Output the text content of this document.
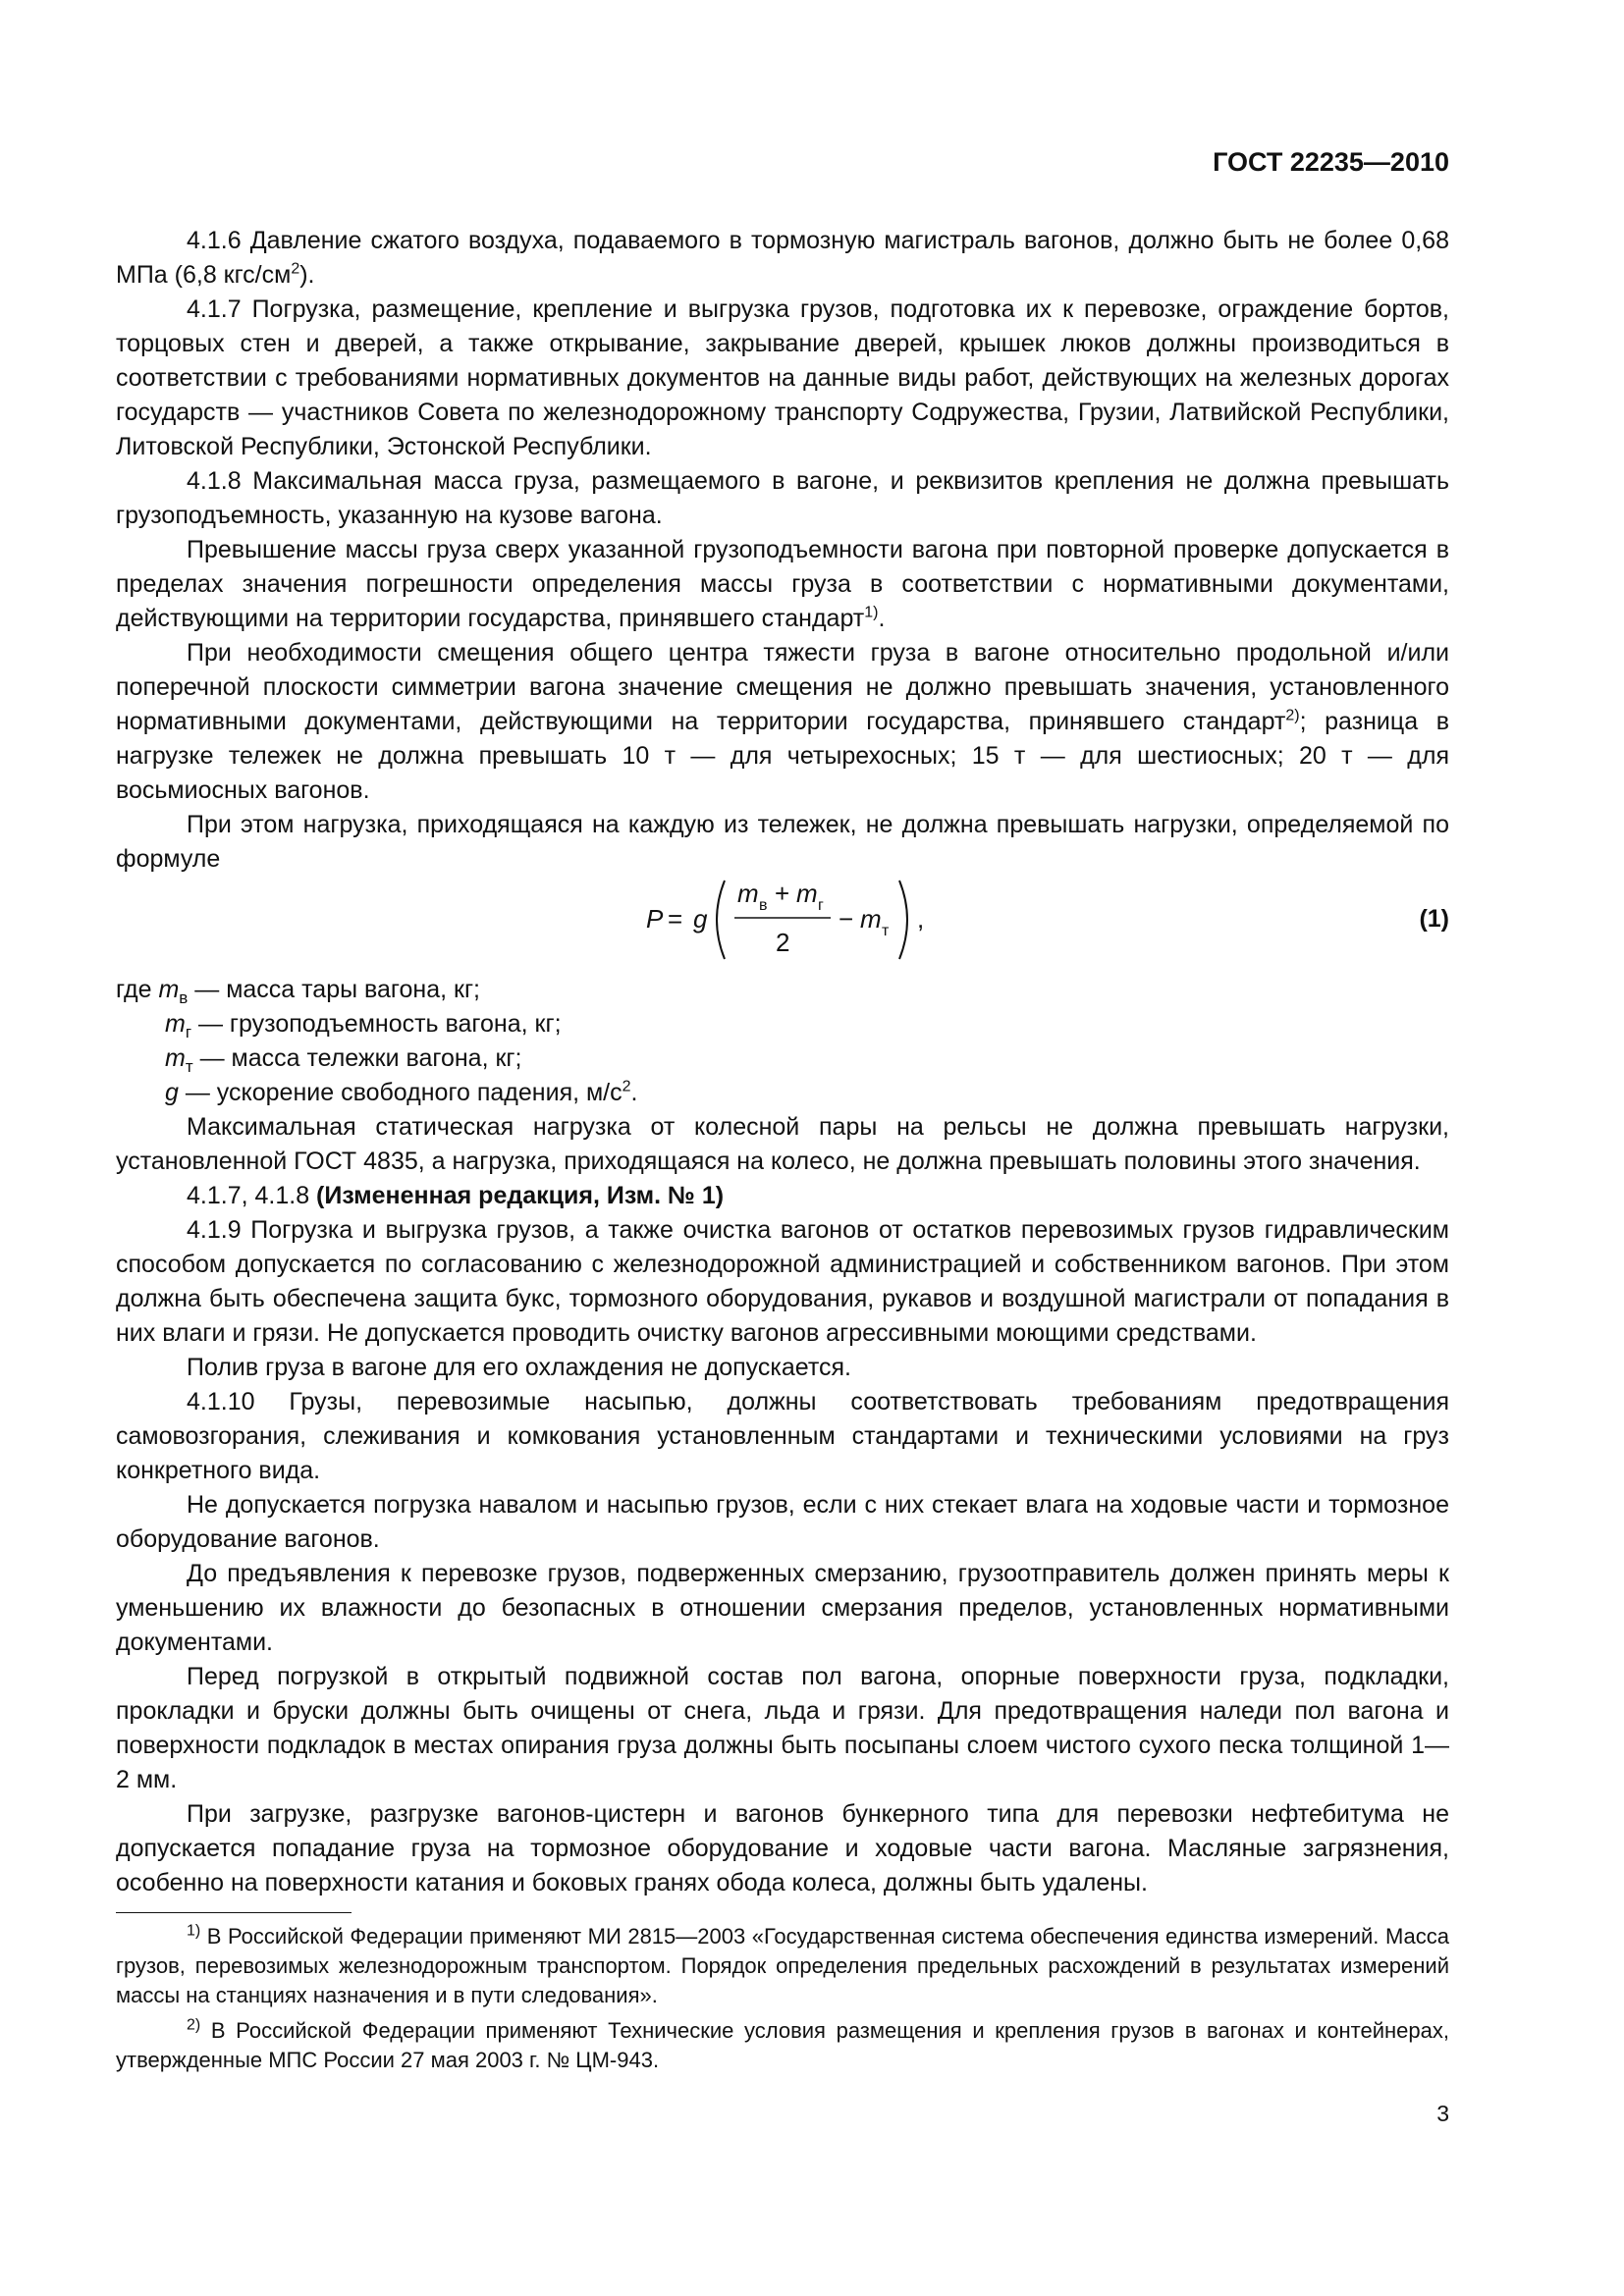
ГОСТ 22235—2010

4.1.6 Давление сжатого воздуха, подаваемого в тормозную магистраль вагонов, должно быть не более 0,68 МПа (6,8 кгс/$см^2$).

4.1.7 Погрузка, размещение, крепление и выгрузка грузов, подготовка их к перевозке, ограждение бортов, торцовых стен и дверей, а также открывание, закрывание дверей, крышек люков должны производиться в соответствии с требованиями нормативных документов на данные виды работ, действующих на железных дорогах государств — участников Совета по железнодорожному транспорту Содружества, Грузии, Латвийской Республики, Литовской Республики, Эстонской Республики.

4.1.8 Максимальная масса груза, размещаемого в вагоне, и реквизитов крепления не должна превышать грузоподъемность, указанную на кузове вагона.

Превышение массы груза сверх указанной грузоподъемности вагона при повторной проверке допускается в пределах значения погрешности определения массы груза в соответствии с нормативными документами, действующими на территории государства, принявшего стандарт$^{1)}$.

При необходимости смещения общего центра тяжести груза в вагоне относительно продольной и/или поперечной плоскости симметрии вагона значение смещения не должно превышать значения, установленного нормативными документами, действующими на территории государства, принявшего стандарт$^{2)}$; разница в нагрузке тележек не должна превышать 10 т — для четырехосных; 15 т — для шестиосных; 20 т — для восьмиосных вагонов.

При этом нагрузка, приходящаяся на каждую из тележек, не должна превышать нагрузки, определяемой по формуле

P = g
m в + m г
2
− m т ,	(1)
где $m_в$ — масса тары вагона, кг;
$m_г$ — грузоподъемность вагона, кг;
$m_т$ — масса тележки вагона, кг;
g — ускорение свободного падения, $м/с^2$.

Максимальная статическая нагрузка от колесной пары на рельсы не должна превышать нагрузки, установленной ГОСТ 4835, а нагрузка, приходящаяся на колесо, не должна превышать половины этого значения.

4.1.7, 4.1.8 (Измененная редакция, Изм. № 1)

4.1.9 Погрузка и выгрузка грузов, а также очистка вагонов от остатков перевозимых грузов гидравлическим способом допускается по согласованию с железнодорожной администрацией и собственником вагонов. При этом должна быть обеспечена защита букс, тормозного оборудования, рукавов и воздушной магистрали от попадания в них влаги и грязи. Не допускается проводить очистку вагонов агрессивными моющими средствами.

Полив груза в вагоне для его охлаждения не допускается.

4.1.10 Грузы, перевозимые насыпью, должны соответствовать требованиям предотвращения самовозгорания, слеживания и комкования установленным стандартами и техническими условиями на груз конкретного вида.

Не допускается погрузка навалом и насыпью грузов, если с них стекает влага на ходовые части и тормозное оборудование вагонов.

До предъявления к перевозке грузов, подверженных смерзанию, грузоотправитель должен принять меры к уменьшению их влажности до безопасных в отношении смерзания пределов, установленных нормативными документами.

Перед погрузкой в открытый подвижной состав пол вагона, опорные поверхности груза, подкладки, прокладки и бруски должны быть очищены от снега, льда и грязи. Для предотвращения наледи пол вагона и поверхности подкладок в местах опирания груза должны быть посыпаны слоем чистого сухого песка толщиной 1—2 мм.

При загрузке, разгрузке вагонов-цистерн и вагонов бункерного типа для перевозки нефтебитума не допускается попадание груза на тормозное оборудование и ходовые части вагона. Масляные загрязнения, особенно на поверхности катания и боковых гранях обода колеса, должны быть удалены.

$^{1)}$ В Российской Федерации применяют МИ 2815—2003 «Государственная система обеспечения единства измерений. Масса грузов, перевозимых железнодорожным транспортом. Порядок определения предельных расхождений в результатах измерений массы на станциях назначения и в пути следования».

$^{2)}$ В Российской Федерации применяют Технические условия размещения и крепления грузов в вагонах и контейнерах, утвержденные МПС России 27 мая 2003 г. № ЦМ-943.

3
